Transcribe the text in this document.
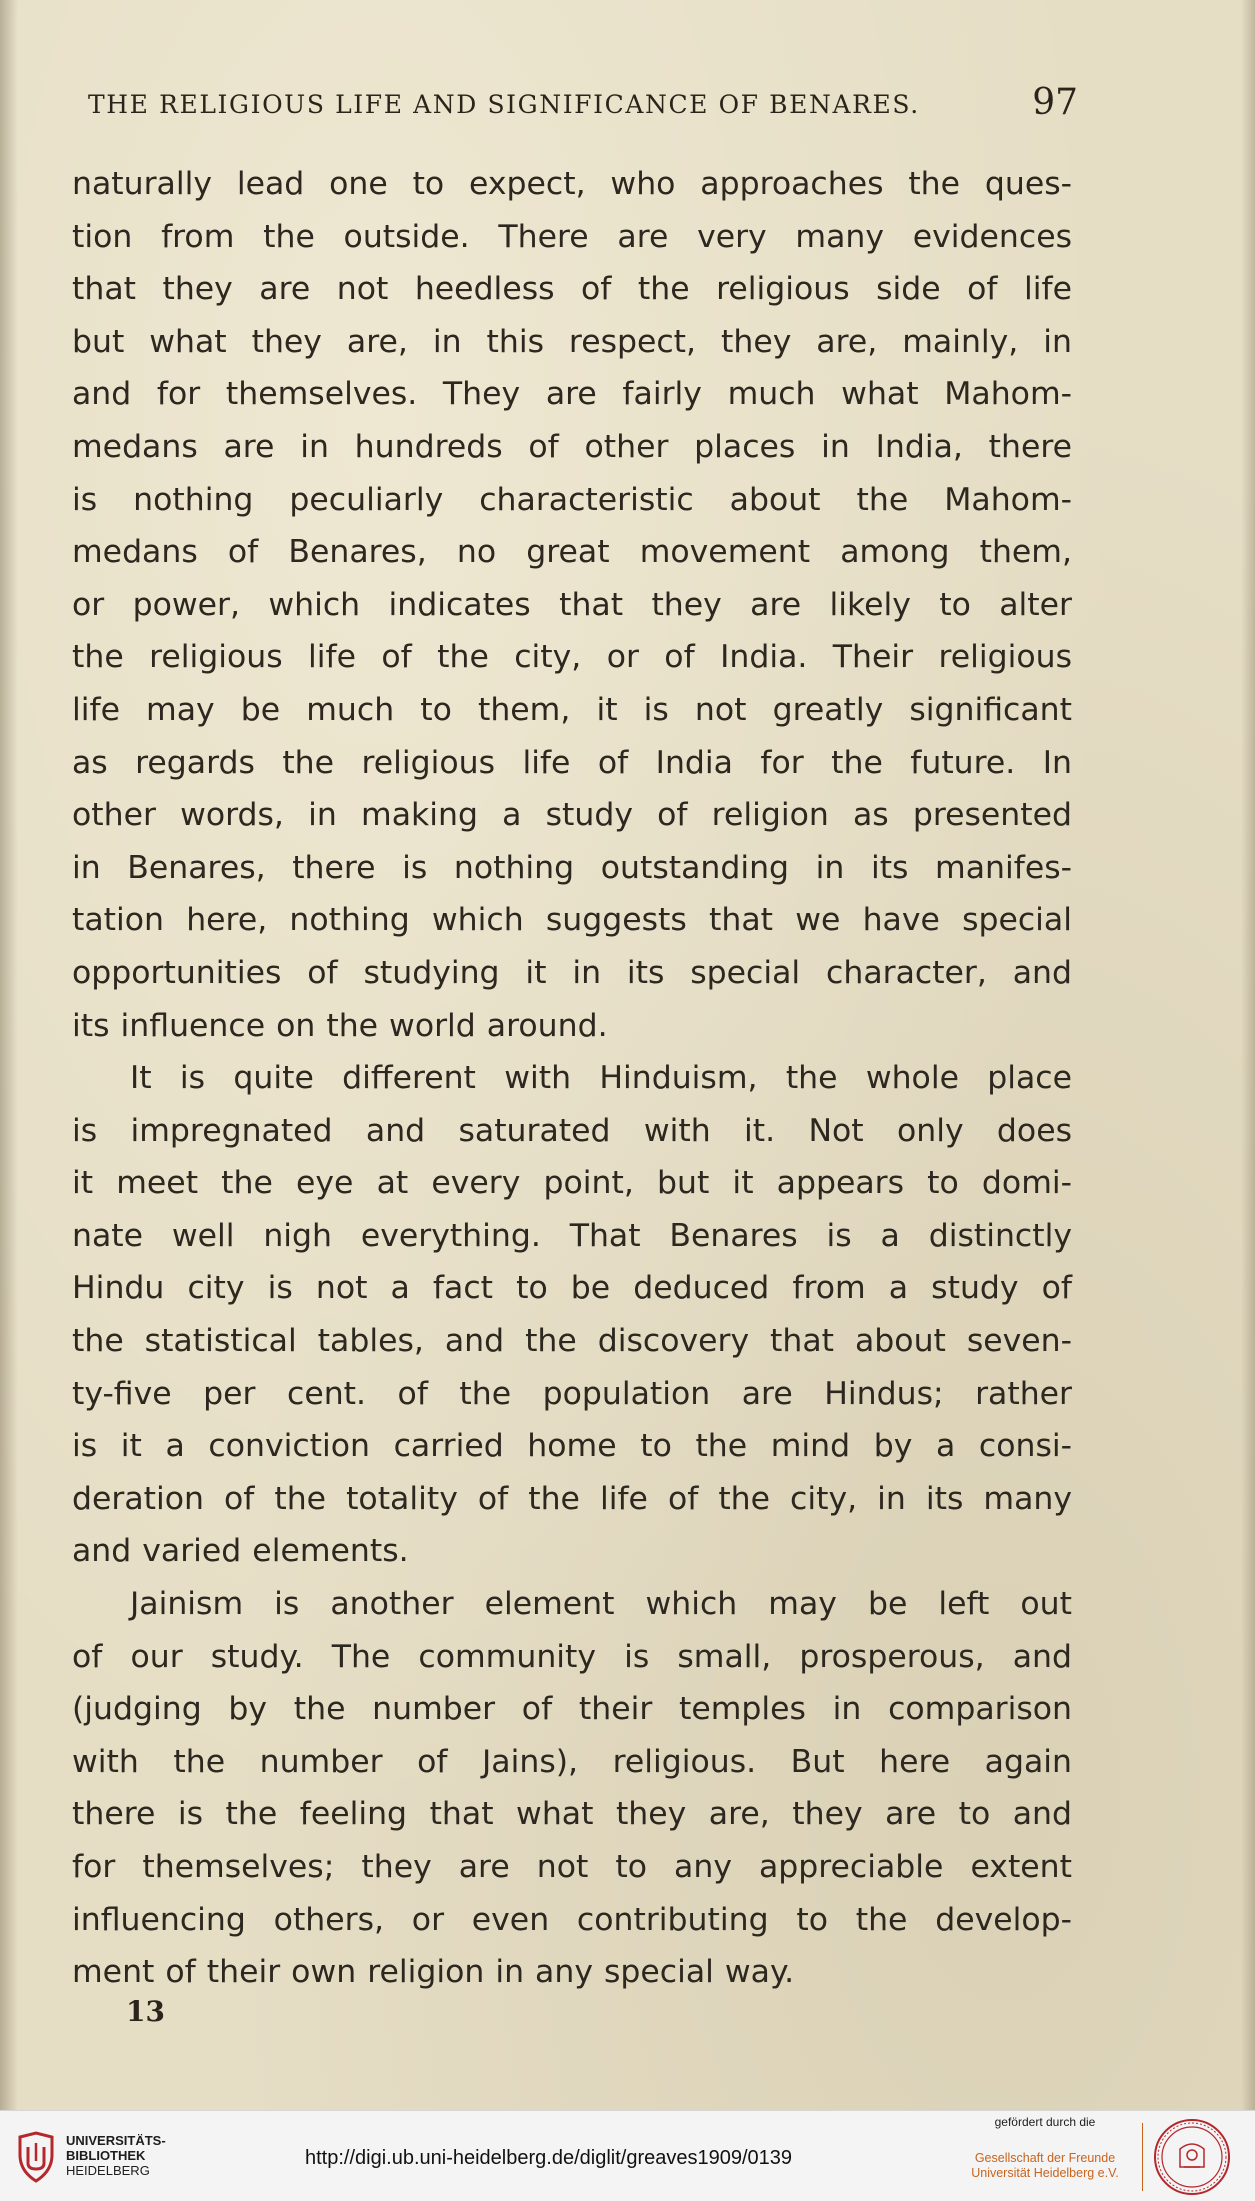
THE RELIGIOUS LIFE AND SIGNIFICANCE OF BENARES.	97
naturally lead one to expect, who approaches the ques-
tion from the outside. There are very many evidences
that they are not heedless of the religious side of life
but what they are, in this respect, they are, mainly, in
and for themselves. They are fairly much what Mahom-
medans are in hundreds of other places in India, there
is nothing peculiarly characteristic about the Mahom-
medans of Benares, no great movement among them,
or power, which indicates that they are likely to alter
the religious life of the city, or of India. Their religious
life may be much to them, it is not greatly significant
as regards the religious life of India for the future. In
other words, in making a study of religion as presented
in Benares, there is nothing outstanding in its manifes-
tation here, nothing which suggests that we have special
opportunities of studying it in its special character, and
its influence on the world around.
It is quite different with Hinduism, the whole place
is impregnated and saturated with it. Not only does
it meet the eye at every point, but it appears to domi-
nate well nigh everything. That Benares is a distinctly
Hindu city is not a fact to be deduced from a study of
the statistical tables, and the discovery that about seven-
ty-five per cent. of the population are Hindus; rather
is it a conviction carried home to the mind by a consi-
deration of the totality of the life of the city, in its many
and varied elements.
Jainism is another element which may be left out
of our study. The community is small, prosperous, and
(judging by the number of their temples in comparison
with the number of Jains), religious. But here again
there is the feeling that what they are, they are to and
for themselves; they are not to any appreciable extent
influencing others, or even contributing to the develop-
ment of their own religion in any special way.
13
UNIVERSITÄTS-
BIBLIOTHEK
HEIDELBERG
http://digi.ub.uni-heidelberg.de/diglit/greaves1909/0139
gefördert durch die
Gesellschaft der Freunde
Universität Heidelberg e.V.
